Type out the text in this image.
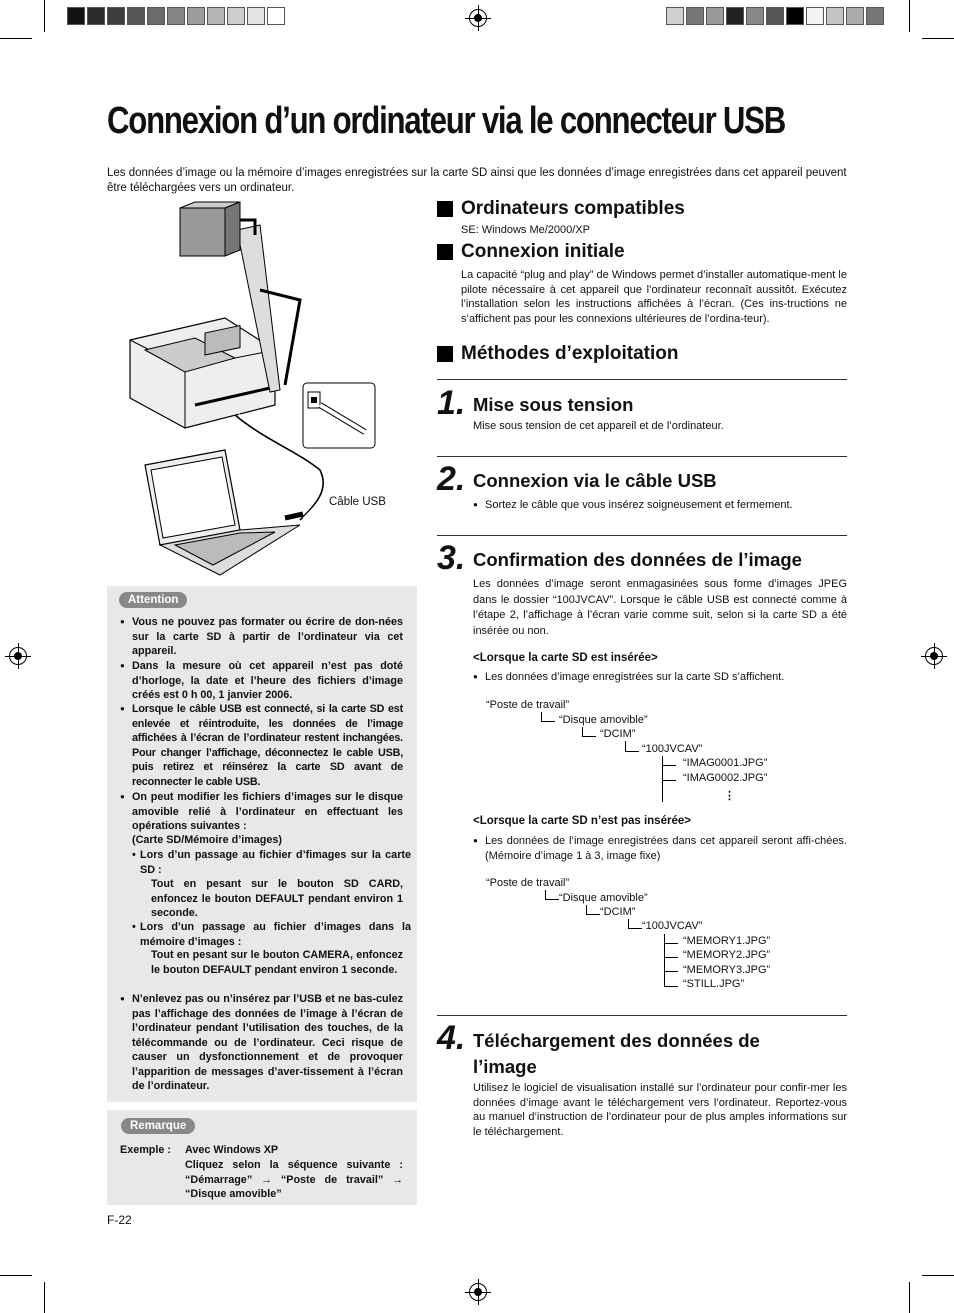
Connexion d’un ordinateur via le connecteur USB
Les données d’image ou la mémoire d’images enregistrées sur la carte SD ainsi que les données d’image enregistrées dans cet appareil peuvent être téléchargées vers un ordinateur.
Câble USB
Ordinateurs compatibles
SE: Windows Me/2000/XP
Connexion initiale
La capacité “plug and play” de Windows permet d’installer automatique-ment le pilote nécessaire à cet appareil que l’ordinateur reconnaît aussitôt. Exécutez l’installation selon les instructions affichées à l’écran. (Ces ins-tructions ne s’affichent pas pour les connexions ultérieures de l’ordina-teur).
Méthodes d’exploitation
1. Mise sous tension
Mise sous tension de cet appareil et de l’ordinateur.
2. Connexion via le câble USB
● Sortez le câble que vous insérez soigneusement et fermement.
3. Confirmation des données de l’image
Les données d’image seront enmagasinées sous forme d’images JPEG dans le dossier “100JVCAV”. Lorsque le câble USB est connecté comme à l’étape 2, l’affichage à l’écran varie comme suit, selon si la carte SD a été insérée ou non.
<Lorsque la carte SD est insérée>
● Les données d’image enregistrées sur la carte SD s’affichent.
“Poste de travail”
“Disque amovible”
“DCIM”
“100JVCAV”
“IMAG0001.JPG”
“IMAG0002.JPG”
⋮
<Lorsque la carte SD n’est pas insérée>
● Les données de l’image enregistrées dans cet appareil seront affi-chées. (Mémoire d’image 1 à 3, image fixe)
“Poste de travail”
“Disque amovible”
“DCIM”
“100JVCAV”
“MEMORY1.JPG”
“MEMORY2.JPG”
“MEMORY3.JPG”
“STILL.JPG”
4. Téléchargement des données de
l’image
Utilisez le logiciel de visualisation installé sur l’ordinateur pour confir-mer les données d’image avant le téléchargement vers l’ordinateur. Reportez-vous au manuel d’instruction de l’ordinateur pour de plus amples informations sur le téléchargement.
Attention
● Vous ne pouvez pas formater ou écrire de don-nées sur la carte SD à partir de l’ordinateur via cet appareil.
● Dans la mesure où cet appareil n’est pas doté d’horloge, la date et l’heure des fichiers d’image créés est 0 h 00, 1 janvier 2006.
● Lorsque le câble USB est connecté, si la carte SD est enlevée et réintroduite, les données de l’image affichées à l’écran de l’ordinateur restent inchangées. Pour changer l’affichage, déconnectez le cable USB, puis retirez et réinsérez la carte SD avant de reconnecter le cable USB.
● On peut modifier les fichiers d’images sur le disque amovible relié à l’ordinateur en effectuant les opérations suivantes :
(Carte SD/Mémoire d’images)
• Lors d’un passage au fichier d’fimages sur la carte SD :
Tout en pesant sur le bouton SD CARD, enfoncez le bouton DEFAULT pendant environ 1 seconde.
• Lors d’un passage au fichier d’images dans la mémoire d’images :
Tout en pesant sur le bouton CAMERA, enfoncez le bouton DEFAULT pendant environ 1 seconde.
● N’enlevez pas ou n’insérez par l’USB et ne bas-culez pas l’affichage des données de l’image à l’écran de l’ordinateur pendant l’utilisation des touches, de la télécommande ou de l’ordinateur. Ceci risque de causer un dysfonctionnement et de provoquer l’apparition de messages d’aver-tissement à l’écran de l’ordinateur.
Remarque
Exemple : Avec Windows XP
Cliquez selon la séquence suivante : “Démarrage” → “Poste de travail” → “Disque amovible”
F-22
